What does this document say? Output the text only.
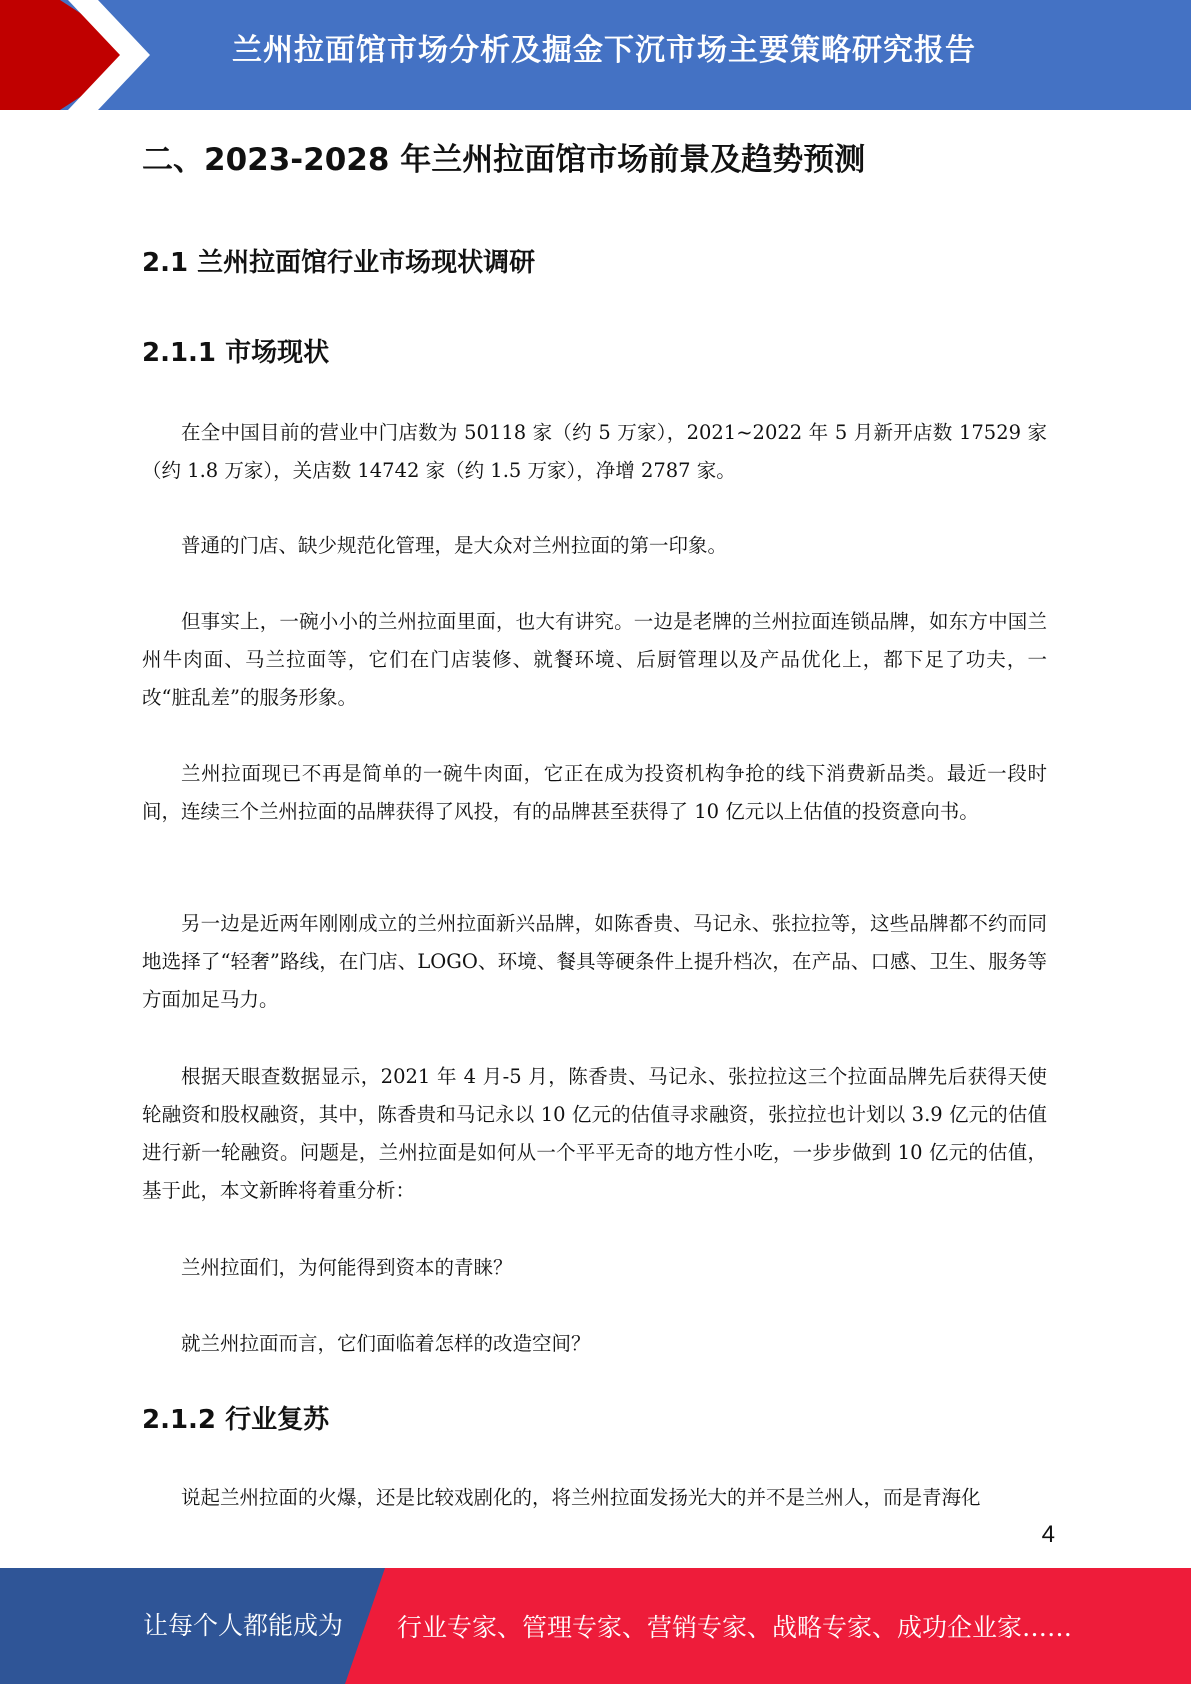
兰州拉面馆市场分析及掘金下沉市场主要策略研究报告
二、2023-2028 年兰州拉面馆市场前景及趋势预测
2.1 兰州拉面馆行业市场现状调研
2.1.1 市场现状

在全中国目前的营业中门店数为 50118 家（约 5 万家），2021~2022 年 5 月新开店数 17529 家（约 1.8 万家），关店数 14742 家（约 1.5 万家），净增 2787 家。

普通的门店、缺少规范化管理，是大众对兰州拉面的第一印象。

但事实上，一碗小小的兰州拉面里面，也大有讲究。一边是老牌的兰州拉面连锁品牌，如东方中国兰州牛肉面、马兰拉面等，它们在门店装修、就餐环境、后厨管理以及产品优化上，都下足了功夫，一改“脏乱差”的服务形象。

兰州拉面现已不再是简单的一碗牛肉面，它正在成为投资机构争抢的线下消费新品类。最近一段时间，连续三个兰州拉面的品牌获得了风投，有的品牌甚至获得了 10 亿元以上估值的投资意向书。

另一边是近两年刚刚成立的兰州拉面新兴品牌，如陈香贵、马记永、张拉拉等，这些品牌都不约而同地选择了“轻奢”路线，在门店、LOGO、环境、餐具等硬条件上提升档次，在产品、口感、卫生、服务等方面加足马力。

根据天眼查数据显示，2021 年 4 月-5 月，陈香贵、马记永、张拉拉这三个拉面品牌先后获得天使轮融资和股权融资，其中，陈香贵和马记永以 10 亿元的估值寻求融资，张拉拉也计划以 3.9 亿元的估值进行新一轮融资。问题是，兰州拉面是如何从一个平平无奇的地方性小吃，一步步做到 10 亿元的估值，基于此，本文新眸将着重分析：

兰州拉面们，为何能得到资本的青睐？

就兰州拉面而言，它们面临着怎样的改造空间？

2.1.2 行业复苏

说起兰州拉面的火爆，还是比较戏剧化的，将兰州拉面发扬光大的并不是兰州人，而是青海化

4
让每个人都能成为 行业专家、管理专家、营销专家、战略专家、成功企业家……
